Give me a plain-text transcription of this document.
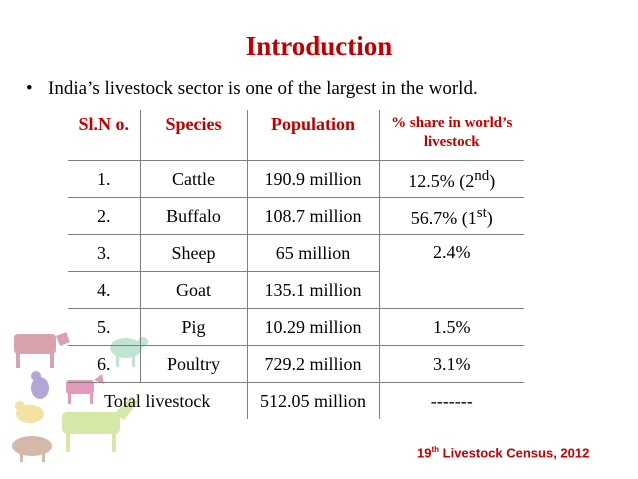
Introduction
• India’s livestock sector is one of the largest in the world.
Sl.N o.	Species	Population	% share in world’s livestock
1.	Cattle	190.9 million	12.5% (2nd)
2.	Buffalo	108.7 million	56.7% (1st)
3.	Sheep	65 million	2.4%
4.	Goat	135.1 million	
5.	Pig	10.29 million	1.5%
6.	Poultry	729.2 million	3.1%
Total livestock		512.05 million	-------
19th Livestock Census, 2012
